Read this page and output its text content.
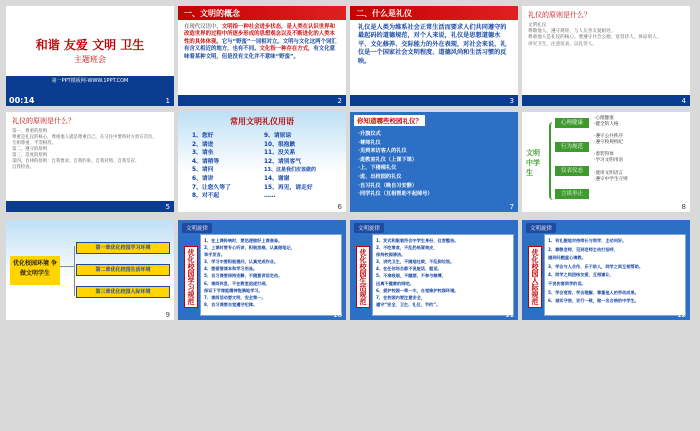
和谐 友爱 文明 卫生
主题班会
第一PPT模板网-WWW.1PPT.COM
00:14	1
一、文明的概念
在现代汉语中，文明指一种社会进步状态，是人类在认识世界和改造世界的过程中所逐步形成的思想观念以及不断进化的人类本性的具体体现。它与“野蛮”一词相对立。文明与文化这两个词汇有含义相近的地方，也有不同。文化指一种存在方式，有文化意味着某种文明，但是没有文化并不意味“野蛮”。
2
二、什么是礼仪
礼仪是人类为维系社会正常生活而要求人们共同遵守的最起码的道德规范，对个人来说，礼仪是思想道德水平、文化修养、交际能力的外在表现，对社会来说，礼仪是一个国家社会文明程度、道德风尚和生活习惯的反映。
3
礼仪的原则是什么？
文明礼仪
尊敬他人、遵守规矩，与人友善友爱相处。
尊重他人是礼仪的核心。要遵守社会公德，宽容待人，体谅别人，
讲究卫生，注意仪表，以礼待人。
4
礼仪的原则是什么？
第一，尊重的原则
尊重是礼仪的核心，尊重他人就是尊重自己，在交往中要将对方放在首位，
互相尊重、平等相待。
第二，遵守的原则
第三，适度的原则
第四，自律的原则：自我要求、自我约束、自我对照、自我反省、
自我检查。
5
常用文明礼仪用语
1、您好
2、请进
3、请坐
4、请稍等
5、请问
6、请讲
7、让您久等了
8、对不起
9、请原谅
10、很抱歉
11、没关系
12、请别客气
13、这是我们应该做的
14、谢谢
15、再见，请走好
……
6
你知道哪些校园礼仪？
·升旗仪式
·尊师礼仪
·见到来访客人的礼仪
·进教室礼仪（上课下课）
·上、下楼梯礼仪
·进、出校园的礼仪
·自习礼仪（晚自习安静）
·同学礼仪（互相帮助不起绰号）
7
文明中学生
心理健康
行为规范
仪表仪态
言谈举止
·心理健康
·健全的人格
·遵守公共秩序
·遵守校规校纪
·着装得体
·学习文明用语
·使用文明语言
·遵守中学生守则
8
优化校园环境 争做文明学生
第一章优化校园学习环境
第二章优化校园生活环境
第三章优化校园人际环境
9
文明旋律
优化校园学习规范
1、在上课铃响时，要迅速做好上课准备。
2、上课时要专心听讲，积极思维，认真做笔记，
举手发言。
3、学习中要积极提问，认真完成作业。
4、要爱惜课本和学习用品。
5、自习课要保持安静，不随意讲话走动。
6、课间休息，不在教室追逐打闹，
保证下节课能精神饱满地学习。
7、课间活动要文明，安全第一。
8、自习课要自觉遵守纪律。
10
文明旋律
优化校园生活规范
1、发式和服装符合中学生身份，仪容整洁。
2、不吃零食，不乱扔纸屑果皮，
保持校园清洁。
3、讲究卫生，不随地吐痰，不乱倒垃圾。
4、在任何场合都不说脏话、粗话。
5、不准吸烟，不酗酒，不参与赌博，
远离不健康的网吧。
6、爱护校园一草一木，自觉维护校园环境。
7、在校园内要注意安全，
遵守“安全、卫生、礼仪、节约”。
11
文明旋律
优化校园人际规范
1、有礼貌地对待师长与同学，主动问好。
2、尊敬老师，见到老师主动打招呼，
遇到问题虚心请教。
3、学会与人合作，乐于助人，同学之间互相帮助。
4、同学之间团结友爱，互相谦让，
不说伤害同学的话。
5、学会宽容，学会理解，尊重他人的劳动成果。
6、诚实守信，言行一致，做一名合格的中学生。
12
